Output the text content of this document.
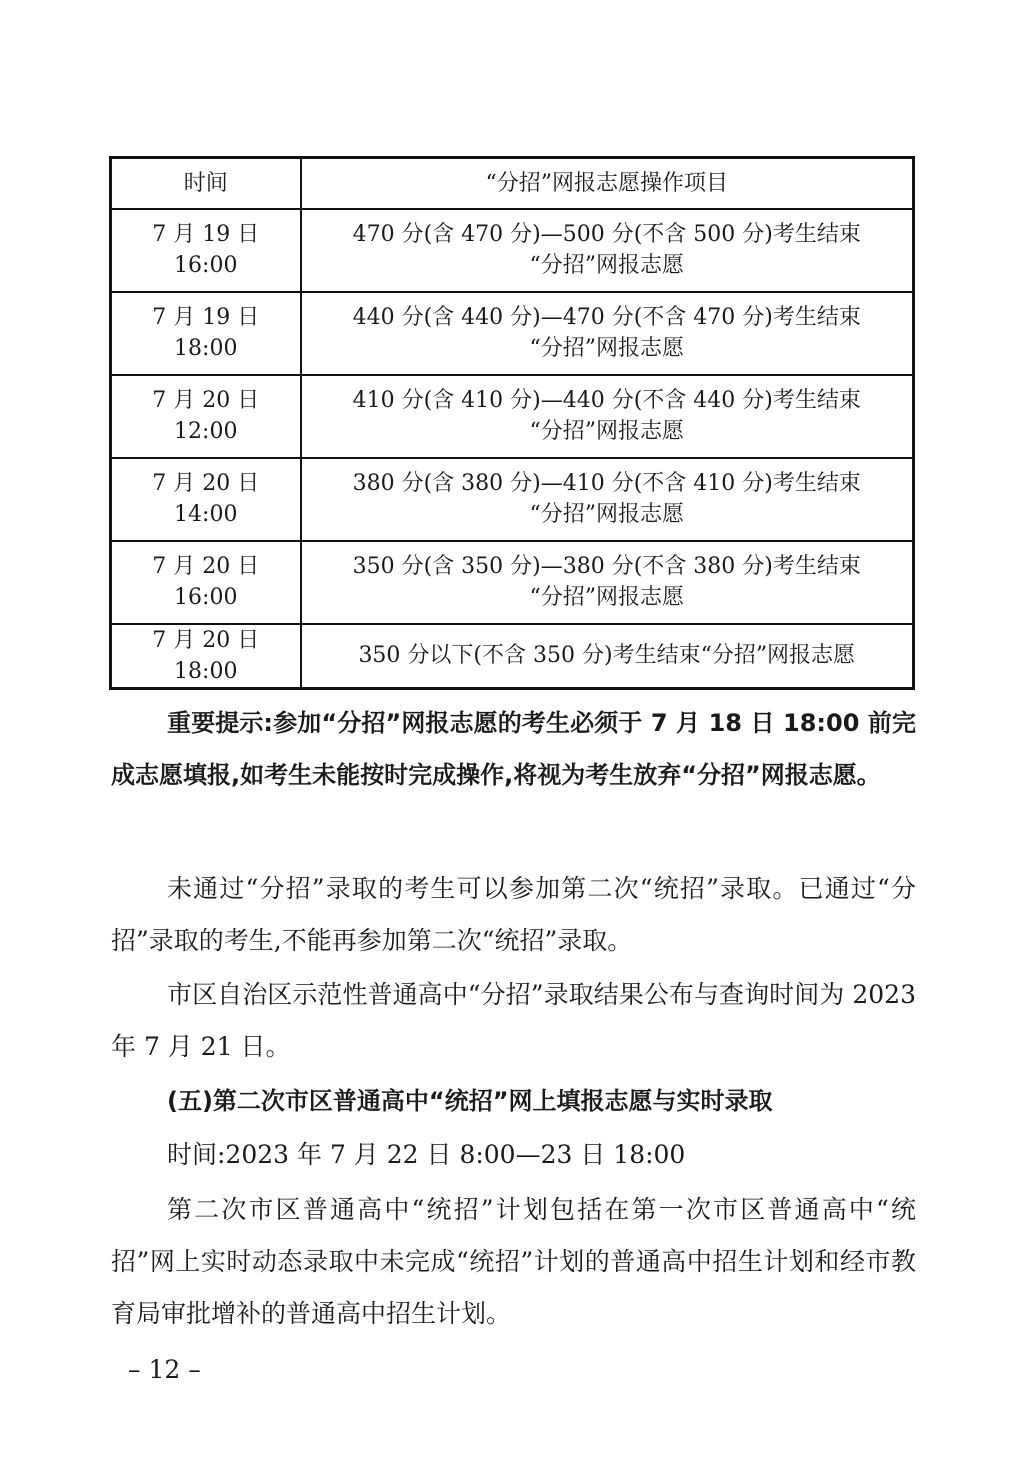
时间	“分招”网报志愿操作项目
7 月 19 日 16:00	470 分(含 470 分)—500 分(不含 500 分)考生结束
“分招”网报志愿

7 月 19 日 18:00	440 分(含 440 分)—470 分(不含 470 分)考生结束
“分招”网报志愿

7 月 20 日 12:00	410 分(含 410 分)—440 分(不含 440 分)考生结束
“分招”网报志愿

7 月 20 日 14:00	380 分(含 380 分)—410 分(不含 410 分)考生结束
“分招”网报志愿

7 月 20 日 16:00	350 分(含 350 分)—380 分(不含 380 分)考生结束
“分招”网报志愿

7 月 20 日 18:00	350 分以下(不含 350 分)考生结束“分招”网报志愿

重要提示:参加“分招”网报志愿的考生必须于 7 月 18 日 18:00 前完成志愿填报,如考生未能按时完成操作,将视为考生放弃“分招”网报志愿。

未通过“分招”录取的考生可以参加第二次“统招”录取。已通过“分招”录取的考生,不能再参加第二次“统招”录取。

市区自治区示范性普通高中“分招”录取结果公布与查询时间为 2023 年 7 月 21 日。

(五)第二次市区普通高中“统招”网上填报志愿与实时录取

时间:2023 年 7 月 22 日 8:00—23 日 18:00

第二次市区普通高中“统招”计划包括在第一次市区普通高中“统招”网上实时动态录取中未完成“统招”计划的普通高中招生计划和经市教育局审批增补的普通高中招生计划。

– 12 –
